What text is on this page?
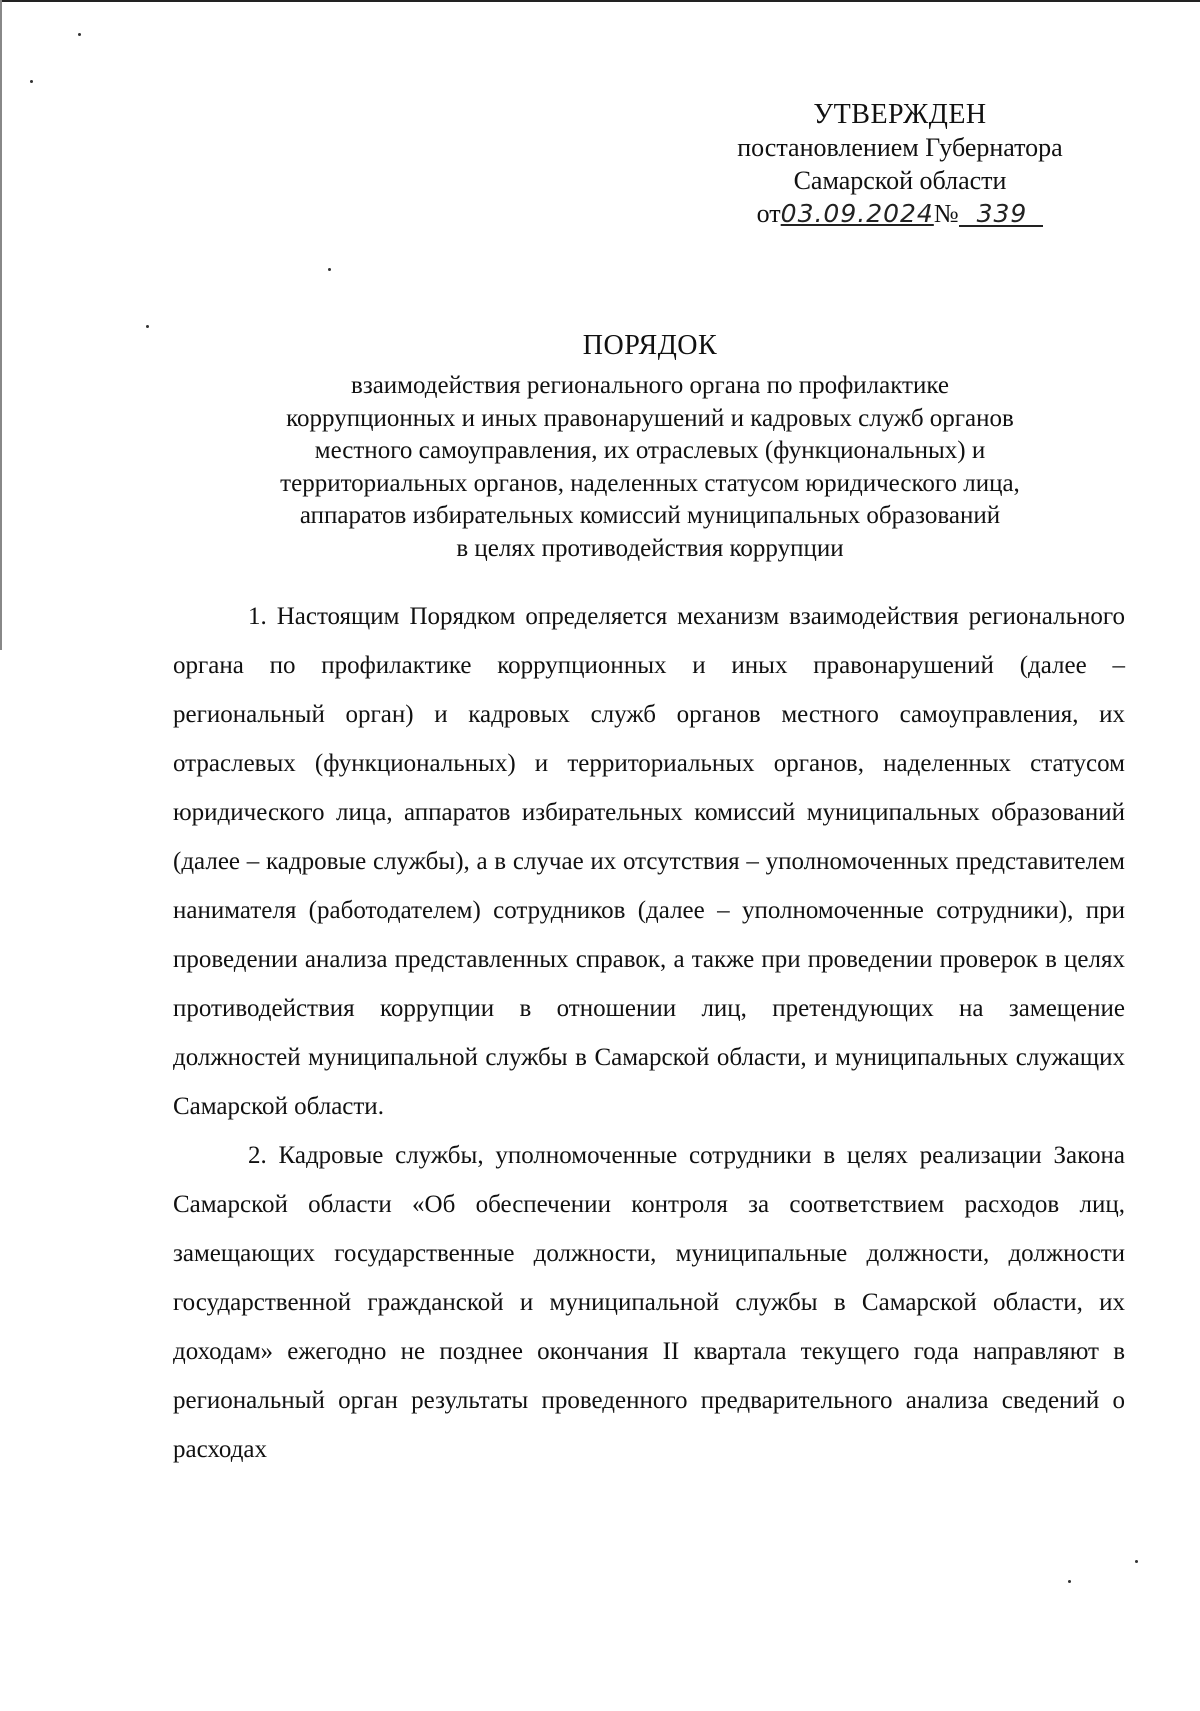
УТВЕРЖДЕН
постановлением Губернатора
Самарской области
от03.09.2024№ 339
ПОРЯДОК
взаимодействия регионального органа по профилактике
коррупционных и иных правонарушений и кадровых служб органов
местного самоуправления, их отраслевых (функциональных) и
территориальных органов, наделенных статусом юридического лица,
аппаратов избирательных комиссий муниципальных образований
в целях противодействия коррупции

1. Настоящим Порядком определяется механизм взаимодействия регионального органа по профилактике коррупционных и иных правонарушений (далее – региональный орган) и кадровых служб органов местного самоуправления, их отраслевых (функциональных) и территориальных органов, наделенных статусом юридического лица, аппаратов избирательных комиссий муниципальных образований (далее – кадровые службы), а в случае их отсутствия – уполномоченных представителем нанимателя (работодателем) сотрудников (далее – уполномоченные сотрудники), при проведении анализа представленных справок, а также при проведении проверок в целях противодействия коррупции в отношении лиц, претендующих на замещение должностей муниципальной службы в Самарской области, и муниципальных служащих Самарской области.

2. Кадровые службы, уполномоченные сотрудники в целях реализации Закона Самарской области «Об обеспечении контроля за соответствием расходов лиц, замещающих государственные должности, муниципальные должности, должности государственной гражданской и муниципальной службы в Самарской области, их доходам» ежегодно не позднее окончания II квартала текущего года направляют в региональный орган результаты проведенного предварительного анализа сведений о расходах
